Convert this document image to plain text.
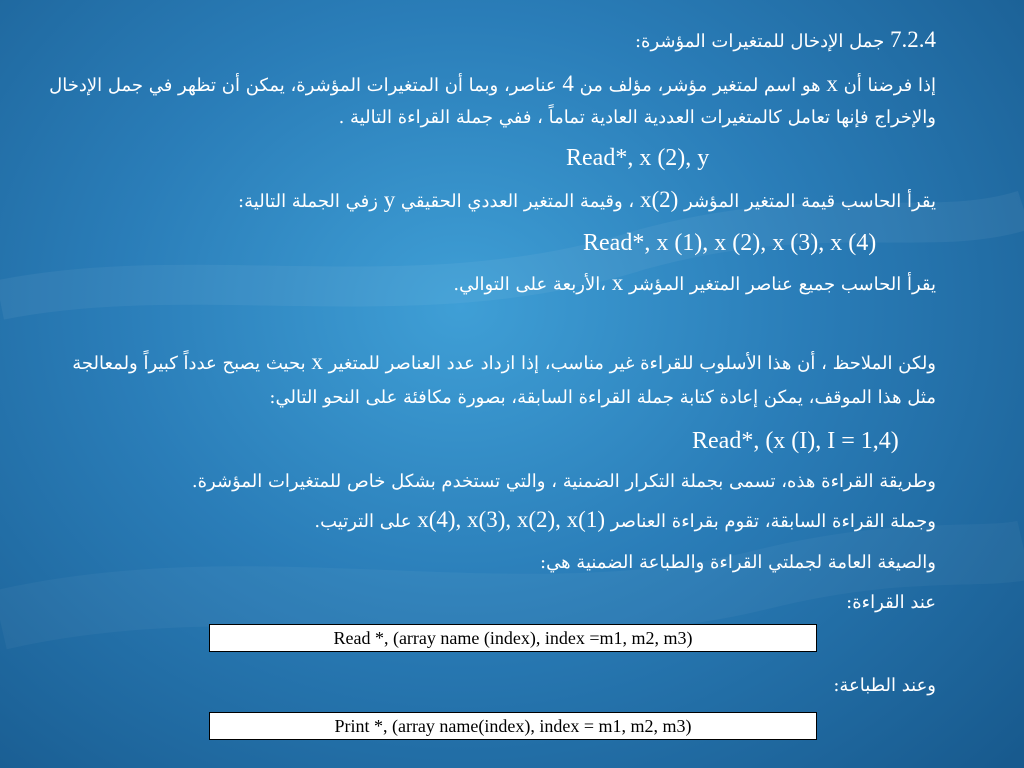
7.2.4 جمل الإدخال للمتغيرات المؤشرة:
إذا فرضنا أن x هو اسم لمتغير مؤشر، مؤلف من 4 عناصر، وبما أن المتغيرات المؤشرة، يمكن أن تظهر في جمل الإدخال
والإخراج فإنها تعامل كالمتغيرات العددية العادية تماماً ، ففي جملة القراءة التالية .
Read*, x (2), y
يقرأ الحاسب قيمة المتغير المؤشر x(2) ، وقيمة المتغير العددي الحقيقي y زفي الجملة التالية:
Read*, x (1), x (2), x (3), x (4)
يقرأ الحاسب جميع عناصر المتغير المؤشر x ،الأربعة على التوالي.
ولكن الملاحظ ، أن هذا الأسلوب للقراءة غير مناسب، إذا ازداد عدد العناصر للمتغير x بحيث يصبح عدداً كبيراً ولمعالجة
مثل هذا الموقف، يمكن إعادة كتابة جملة القراءة السابقة، بصورة مكافئة على النحو التالي:
Read*, (x (I), I = 1,4)
وطريقة القراءة هذه، تسمى بجملة التكرار الضمنية ، والتي تستخدم بشكل خاص للمتغيرات المؤشرة.
وجملة القراءة السابقة، تقوم بقراءة العناصر x(4), x(3), x(2), x(1) على الترتيب.
والصيغة العامة لجملتي القراءة والطباعة الضمنية هي:
عند القراءة:
Read *, (array name (index), index =m1, m2, m3)
وعند الطباعة:
Print *, (array name(index), index = m1, m2, m3)
